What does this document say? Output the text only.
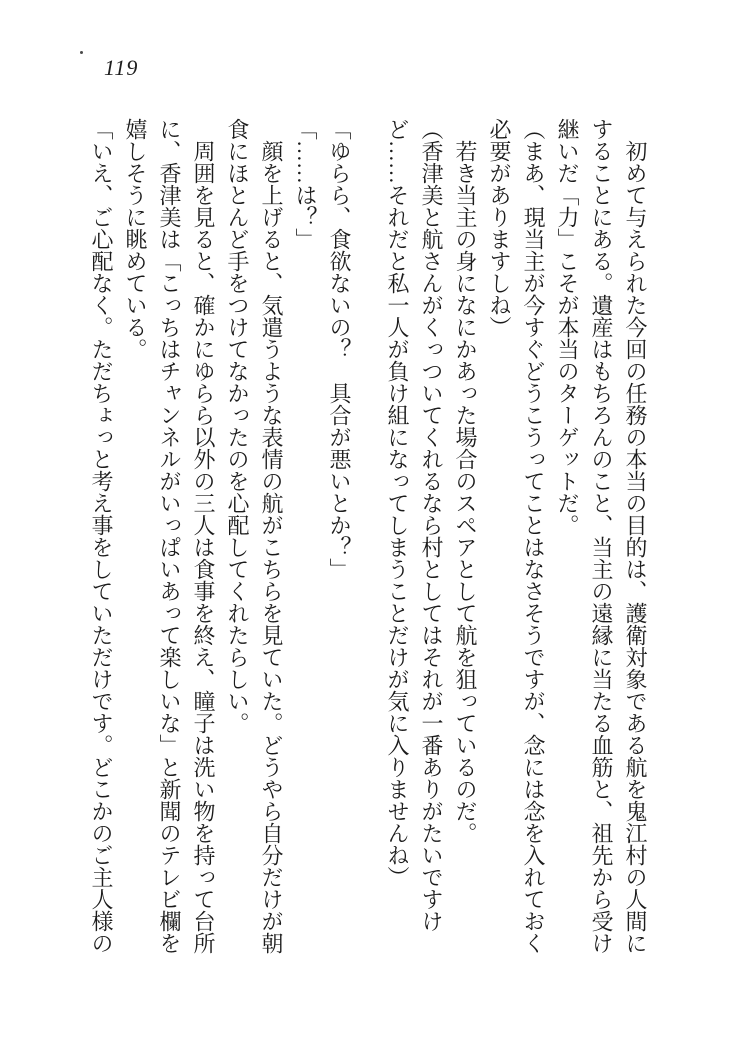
119

初めて与えられた今回の任務の本当の目的は、護衛対象である航を鬼江村の人間にすることにある。遺産はもちろんのこと、当主の遠縁に当たる血筋と、祖先から受け継いだ「力」こそが本当のターゲットだ。

（まあ、現当主が今すぐどうこうってことはなさそうですが、念には念を入れておく必要がありますしね）

若き当主の身になにかあった場合のスペアとして航を狙っているのだ。

（香津美と航さんがくっついてくれるなら村としてはそれが一番ありがたいですけど……それだと私一人が負け組になってしまうことだけが気に入りませんね）

「ゆらら、食欲ないの？　具合が悪いとか？」

「……は？」

顔を上げると、気遣うような表情の航がこちらを見ていた。どうやら自分だけが朝食にほとんど手をつけてなかったのを心配してくれたらしい。

周囲を見ると、確かにゆらら以外の三人は食事を終え、瞳子は洗い物を持って台所に、香津美は「こっちはチャンネルがいっぱいあって楽しいな」と新聞のテレビ欄を嬉しそうに眺めている。

「いえ、ご心配なく。ただちょっと考え事をしていただけです。どこかのご主人様の
